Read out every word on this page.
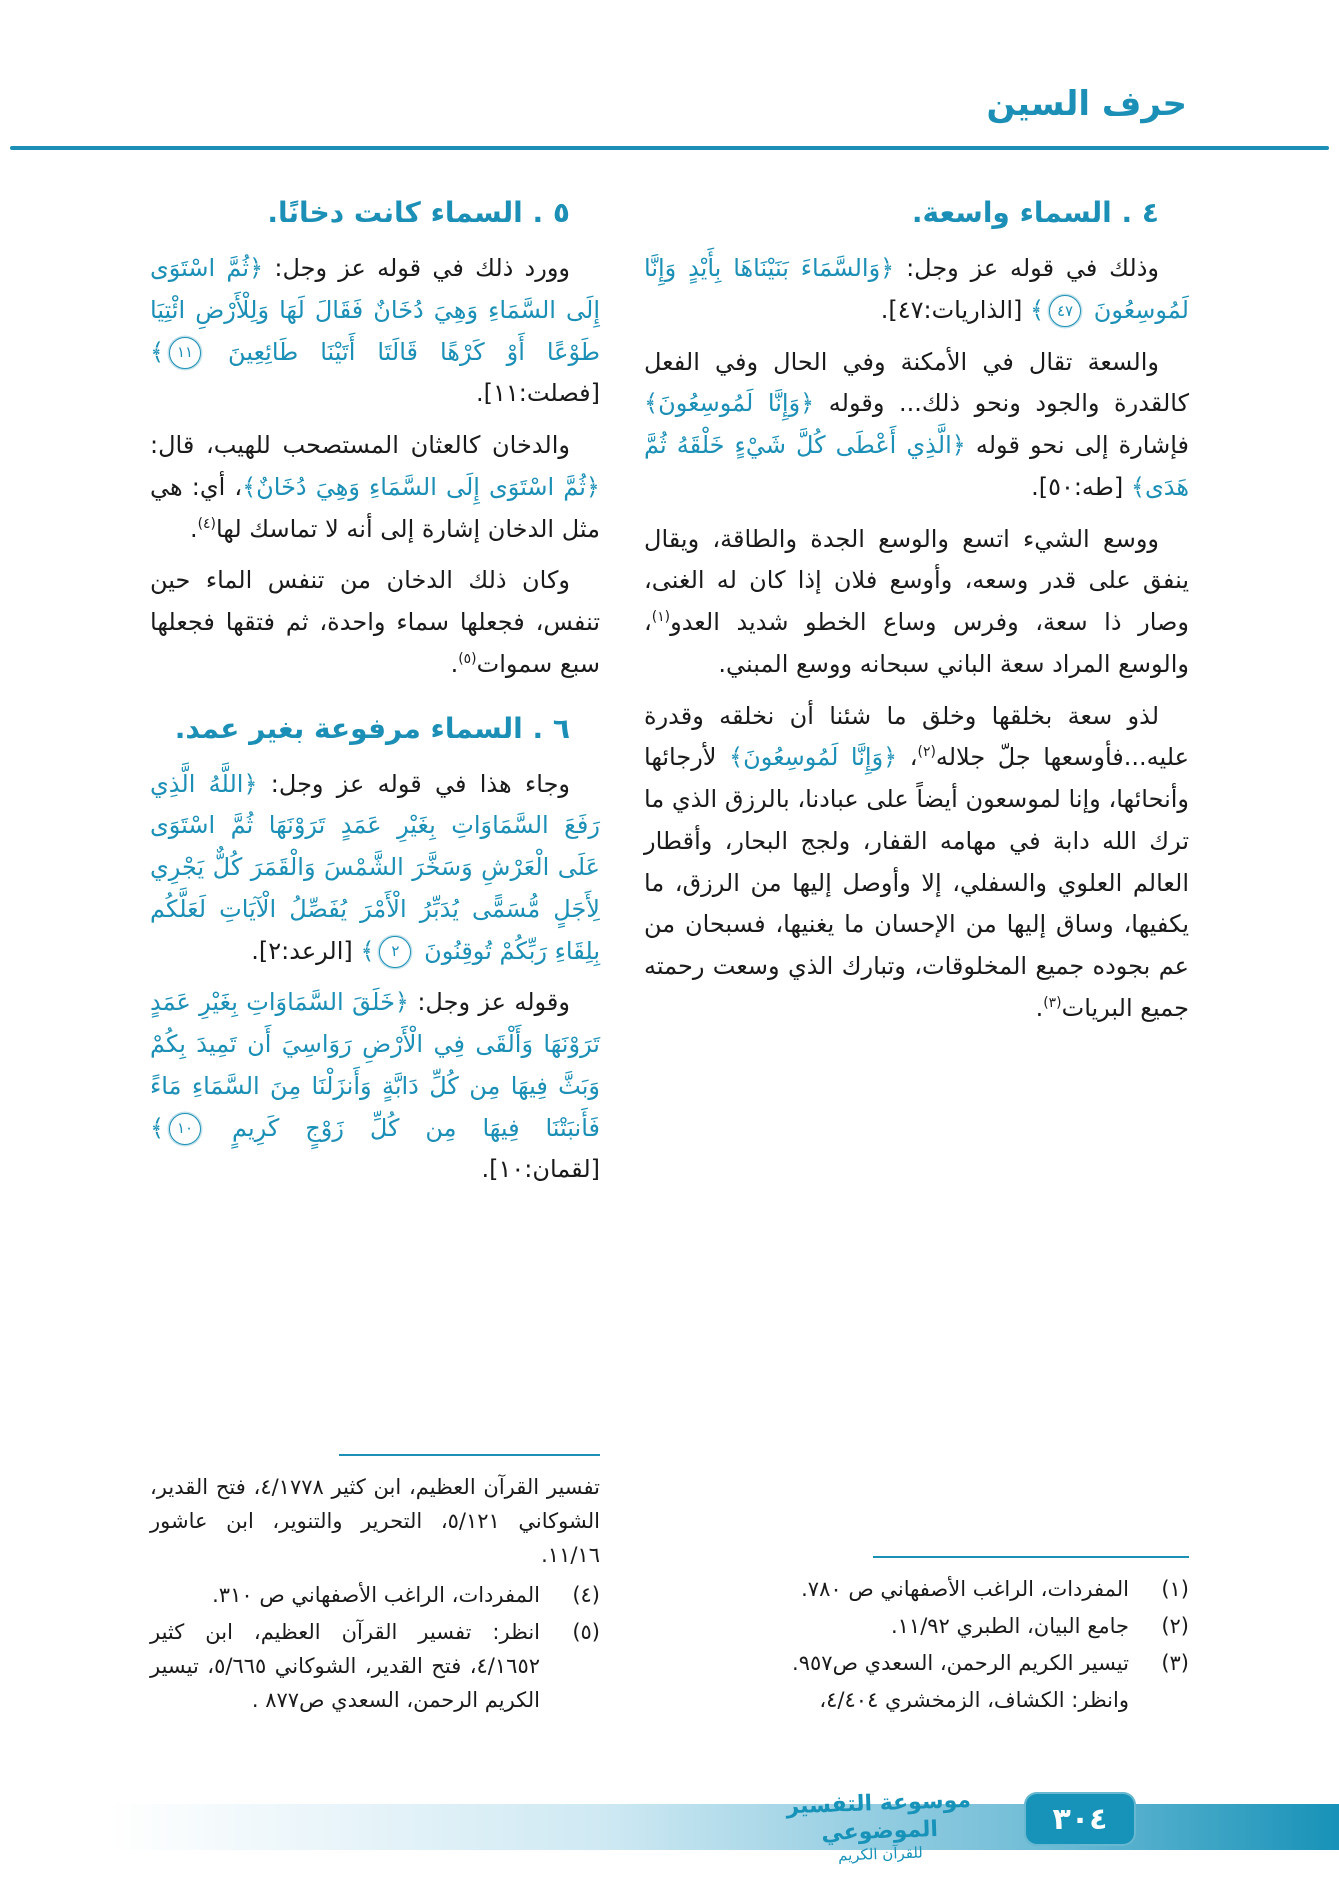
حرف السين
٤ . السماء واسعة.

وذلك في قوله عز وجل: ﴿وَالسَّمَاءَ بَنَيْنَاهَا بِأَيْدٍ وَإِنَّا لَمُوسِعُونَ ٤٧﴾ [الذاريات:٤٧].

والسعة تقال في الأمكنة وفي الحال وفي الفعل كالقدرة والجود ونحو ذلك... وقوله ﴿وَإِنَّا لَمُوسِعُونَ﴾ فإشارة إلى نحو قوله ﴿الَّذِي أَعْطَى كُلَّ شَيْءٍ خَلْقَهُ ثُمَّ هَدَى﴾ [طه:٥٠].

ووسع الشيء اتسع والوسع الجدة والطاقة، ويقال ينفق على قدر وسعه، وأوسع فلان إذا كان له الغنى، وصار ذا سعة، وفرس وساع الخطو شديد العدو$^{(١)}$، والوسع المراد سعة الباني سبحانه ووسع المبني.

لذو سعة بخلقها وخلق ما شئنا أن نخلقه وقدرة عليه...فأوسعها جلّ جلاله$^{(٢)}$، ﴿وَإِنَّا لَمُوسِعُونَ﴾ لأرجائها وأنحائها، وإنا لموسعون أيضاً على عبادنا، بالرزق الذي ما ترك الله دابة في مهامه القفار، ولجج البحار، وأقطار العالم العلوي والسفلي، إلا وأوصل إليها من الرزق، ما يكفيها، وساق إليها من الإحسان ما يغنيها، فسبحان من عم بجوده جميع المخلوقات، وتبارك الذي وسعت رحمته جميع البريات$^{(٣)}$.

(١)
المفردات، الراغب الأصفهاني ص ٧٨٠.
(٢)
جامع البيان، الطبري ١١/٩٢.
(٣)
تيسير الكريم الرحمن، السعدي ص٩٥٧.
وانظر: الكشاف، الزمخشري ٤/٤٠٤،
٥ . السماء كانت دخانًا.

وورد ذلك في قوله عز وجل: ﴿ثُمَّ اسْتَوَى إِلَى السَّمَاءِ وَهِيَ دُخَانٌ فَقَالَ لَهَا وَلِلْأَرْضِ ائْتِيَا طَوْعًا أَوْ كَرْهًا قَالَتَا أَتَيْنَا طَائِعِينَ ١١﴾ [فصلت:١١].

والدخان كالعثان المستصحب للهيب، قال: ﴿ثُمَّ اسْتَوَى إِلَى السَّمَاءِ وَهِيَ دُخَانٌ﴾، أي: هي مثل الدخان إشارة إلى أنه لا تماسك لها$^{(٤)}$.

وكان ذلك الدخان من تنفس الماء حين تنفس، فجعلها سماء واحدة، ثم فتقها فجعلها سبع سموات$^{(٥)}$.

٦ . السماء مرفوعة بغير عمد.

وجاء هذا في قوله عز وجل: ﴿اللَّهُ الَّذِي رَفَعَ السَّمَاوَاتِ بِغَيْرِ عَمَدٍ تَرَوْنَهَا ثُمَّ اسْتَوَى عَلَى الْعَرْشِ وَسَخَّرَ الشَّمْسَ وَالْقَمَرَ كُلٌّ يَجْرِي لِأَجَلٍ مُّسَمًّى يُدَبِّرُ الْأَمْرَ يُفَصِّلُ الْآيَاتِ لَعَلَّكُم بِلِقَاءِ رَبِّكُمْ تُوقِنُونَ ٢﴾ [الرعد:٢].

وقوله عز وجل: ﴿خَلَقَ السَّمَاوَاتِ بِغَيْرِ عَمَدٍ تَرَوْنَهَا وَأَلْقَى فِي الْأَرْضِ رَوَاسِيَ أَن تَمِيدَ بِكُمْ وَبَثَّ فِيهَا مِن كُلِّ دَابَّةٍ وَأَنزَلْنَا مِنَ السَّمَاءِ مَاءً فَأَنبَتْنَا فِيهَا مِن كُلِّ زَوْجٍ كَرِيمٍ ١٠﴾ [لقمان:١٠].

تفسير القرآن العظيم، ابن كثير ٤/١٧٧٨، فتح القدير، الشوكاني ٥/١٢١، التحرير والتنوير، ابن عاشور ١١/١٦.
(٤)
المفردات، الراغب الأصفهاني ص ٣١٠.
(٥)
انظر: تفسير القرآن العظيم، ابن كثير ٤/١٦٥٢، فتح القدير، الشوكاني ٥/٦٦٥، تيسير الكريم الرحمن، السعدي ص٨٧٧ .
موسوعة التفسير الموضوعي
للقرآن الكريم
٣٠٤
